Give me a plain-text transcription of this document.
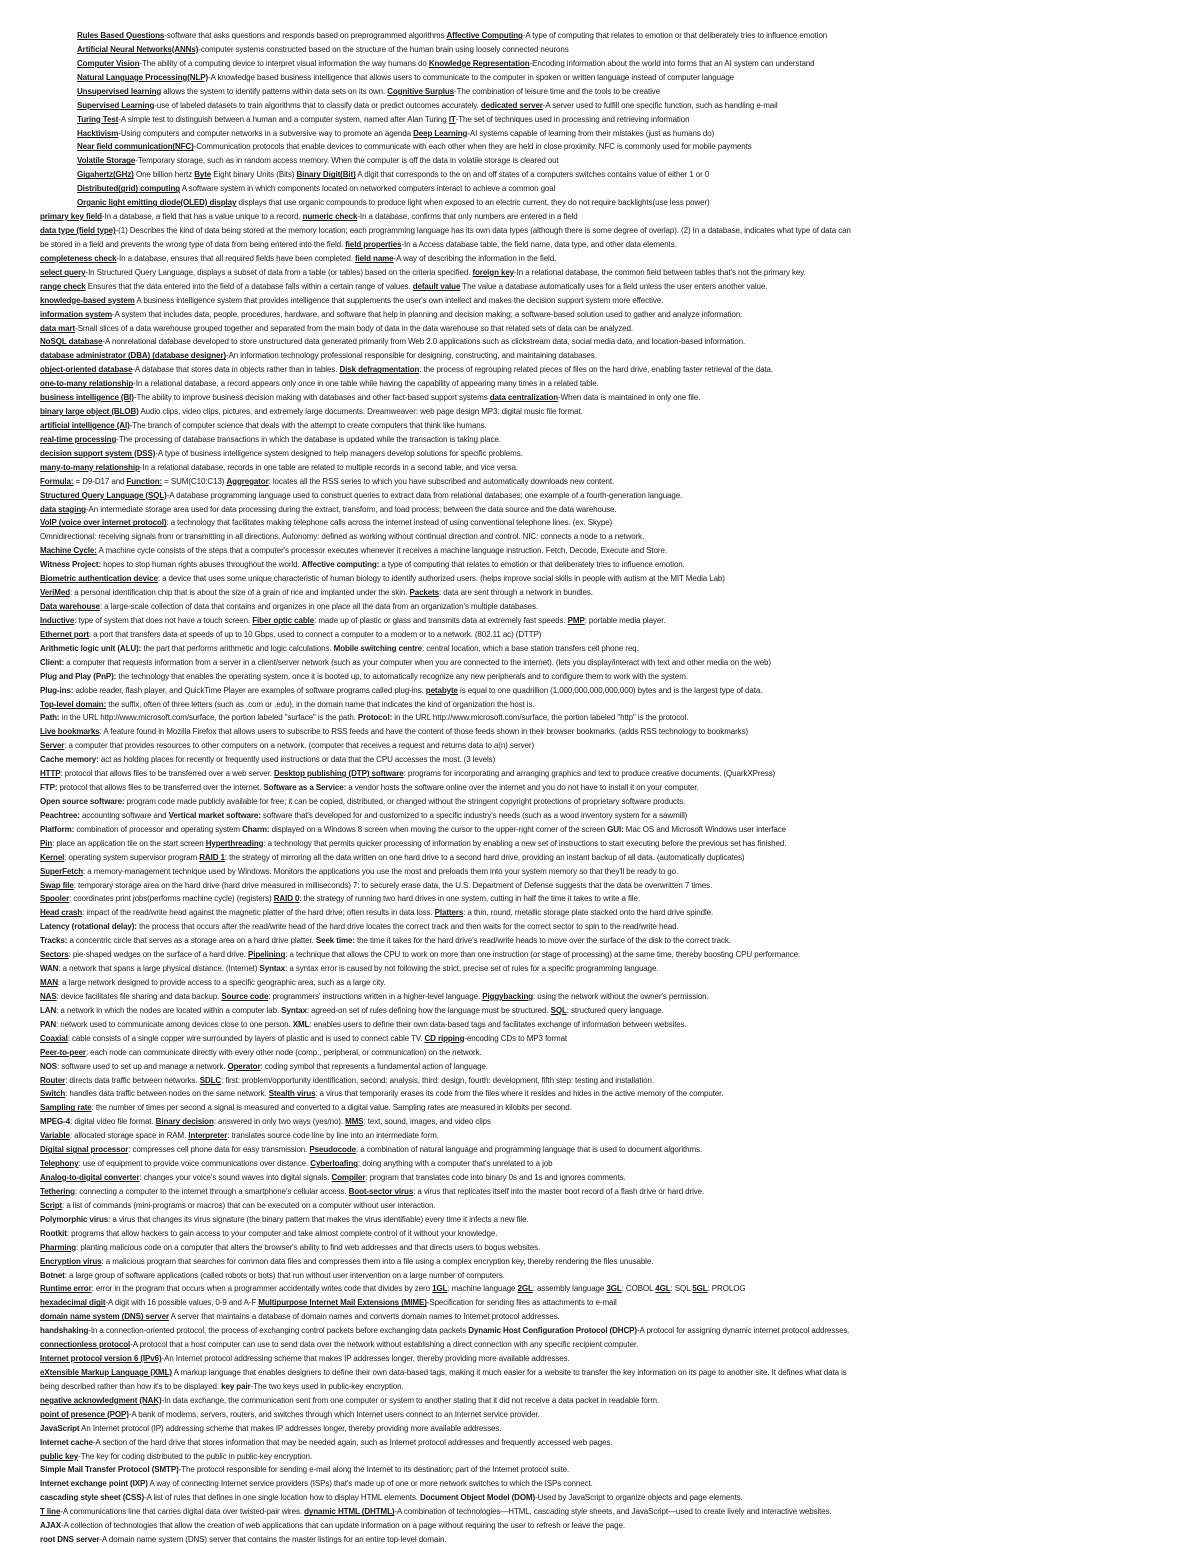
Rules Based Questions-software that asks questions and responds based on preprogrammed algorithms Affective Computing-A type of computing that relates to emotion or that deliberately tries to influence emotion
Artificial Neural Networks(ANNs)-computer systems constructed based on the structure of the human brain using loosely connected neurons
Computer Vision-The ability of a computing device to interpret visual information the way humans do Knowledge Representation-Encoding information about the world into forms that an AI system can understand
Natural Language Processing(NLP)-A knowledge based business intelligence that allows users to communicate to the computer in spoken or written language instead of computer language
Unsupervised learning allows the system to identify patterns within data sets on its own. Cognitive Surplus-The combination of leisure time and the tools to be creative
Supervised Learning-use of labeled datasets to train algorithms that to classify data or predict outcomes accurately. dedicated server-A server used to fulfill one specific function, such as handling e-mail
Turing Test-A simple test to distinguish between a human and a computer system, named after Alan Turing IT-The set of techniques used in processing and retrieving information
Hacktivism-Using computers and computer networks in a subversive way to promote an agenda Deep Learning-AI systems capable of learning from their mistakes (just as humans do)
Near field communication(NFC)-Communication protocols that enable devices to communicate with each other when they are held in close proximity. NFC is commonly used for mobile payments
Volatile Storage-Temporary storage, such as in random access memory. When the computer is off the data in volatile storage is cleared out
Gigahertz(GHz) One billion hertz Byte Eight binary Units (Bits) Binary Digit(Bit) A digit that corresponds to the on and off states of a computers switches contains value of either 1 or 0
Distributed(grid) computing A software system in which components located on networked computers interact to achieve a common goal
Organic light emitting diode(OLED) display displays that use organic compounds to produce light when exposed to an electric current, they do not require backlights(use less power)
primary key field-In a database, a field that has a value unique to a record. numeric check-In a database, confirms that only numbers are entered in a field
data type (field type)-(1) Describes the kind of data being stored at the memory location; each programming language has its own data types (although there is some degree of overlap). (2) In a database, indicates what type of data can
be stored in a field and prevents the wrong type of data from being entered into the field. field properties-In a Access database table, the field name, data type, and other data elements.
completeness check-In a database, ensures that all required fields have been completed. field name-A way of describing the information in the field.
select query-In Structured Query Language, displays a subset of data from a table (or tables) based on the criteria specified. foreign key-In a relational database, the common field between tables that's not the primary key.
range check Ensures that the data entered into the field of a database falls within a certain range of values. default value The value a database automatically uses for a field unless the user enters another value.
knowledge-based system A business intelligence system that provides intelligence that supplements the user's own intellect and makes the decision support system more effective.
information system-A system that includes data, people, procedures, hardware, and software that help in planning and decision making; a software-based solution used to gather and analyze information.
data mart-Small slices of a data warehouse grouped together and separated from the main body of data in the data warehouse so that related sets of data can be analyzed.
NoSQL database-A nonrelational database developed to store unstructured data generated primarily from Web 2.0 applications such as clickstream data, social media data, and location-based information.
database administrator (DBA) (database designer)-An information technology professional responsible for designing, constructing, and maintaining databases.
object-oriented database-A database that stores data in objects rather than in tables. Disk defragmentation: the process of regrouping related pieces of files on the hard drive, enabling faster retrieval of the data.
one-to-many relationship-In a relational database, a record appears only once in one table while having the capability of appearing many times in a related table.
business intelligence (BI)-The ability to improve business decision making with databases and other fact-based support systems data centralization-When data is maintained in only one file.
binary large object (BLOB) Audio clips, video clips, pictures, and extremely large documents. Dreamweaver: web page design MP3: digital music file format.
artificial intelligence (AI)-The branch of computer science that deals with the attempt to create computers that think like humans.
real-time processing-The processing of database transactions in which the database is updated while the transaction is taking place.
decision support system (DSS)-A type of business intelligence system designed to help managers develop solutions for specific problems.
many-to-many relationship-In a relational database, records in one table are related to multiple records in a second table, and vice versa.
Formula: = D9-D17 and Function: = SUM(C10:C13) Aggregator: locates all the RSS series to which you have subscribed and automatically downloads new content.
Structured Query Language (SQL)-A database programming language used to construct queries to extract data from relational databases; one example of a fourth-generation language.
data staging-An intermediate storage area used for data processing during the extract, transform, and load process; between the data source and the data warehouse.
VoIP (voice over internet protocol): a technology that facilitates making telephone calls across the internet instead of using conventional telephone lines. (ex. Skype)
Omnidirectional: receiving signals from or transmitting in all directions. Autonomy: defined as working without continual direction and control. NIC: connects a node to a network.
Machine Cycle: A machine cycle consists of the steps that a computer's processor executes whenever it receives a machine language instruction. Fetch, Decode, Execute and Store.
Witness Project: hopes to stop human rights abuses throughout the world. Affective computing: a type of computing that relates to emotion or that deliberately tries to influence emotion.
Biometric authentication device: a device that uses some unique characteristic of human biology to identify authorized users. (helps improve social skills in people with autism at the MIT Media Lab)
VeriMed: a personal identification chip that is about the size of a grain of rice and implanted under the skin. Packets: data are sent through a network in bundles.
Data warehouse: a large-scale collection of data that contains and organizes in one place all the data from an organization's multiple databases.
Inductive: type of system that does not have a touch screen. Fiber optic cable: made up of plastic or glass and transmits data at extremely fast speeds. PMP: portable media player.
Ethernet port: a port that transfers data at speeds of up to 10 Gbps, used to connect a computer to a modem or to a network. (802.11 ac) (DTTP)
Arithmetic logic unit (ALU): the part that performs arithmetic and logic calculations. Mobile switching centre: central location, which a base station transfers cell phone req.
Client: a computer that requests information from a server in a client/server network (such as your computer when you are connected to the internet). (lets you display/interact with text and other media on the web)
Plug and Play (PnP): the technology that enables the operating system, once it is booted up, to automatically recognize any new peripherals and to configure them to work with the system.
Plug-ins: adobe reader, flash player, and QuickTime Player are examples of software programs called plug-ins. petabyte is equal to one quadrillion (1,000,000,000,000,000) bytes and is the largest type of data.
Top-level domain: the suffix, often of three letters (such as .com or .edu), in the domain name that indicates the kind of organization the host is.
Path: in the URL http://www.microsoft.com/surface, the portion labeled "surface" is the path. Protocol: in the URL http://www.microsoft.com/surface, the portion labeled "http" is the protocol.
Live bookmarks: A feature found in Mozilla Firefox that allows users to subscribe to RSS feeds and have the content of those feeds shown in their browser bookmarks. (adds RSS technology to bookmarks)
Server: a computer that provides resources to other computers on a network. (computer that receives a request and returns data to a(n) server)
Cache memory: act as holding places for recently or frequently used instructions or data that the CPU accesses the most. (3 levels)
HTTP: protocol that allows files to be transferred over a web server. Desktop publishing (DTP) software: programs for incorporating and arranging graphics and text to produce creative documents. (QuarkXPress)
FTP: protocol that allows files to be transferred over the internet. Software as a Service: a vendor hosts the software online over the internet and you do not have to install it on your computer.
Open source software: program code made publicly available for free; it can be copied, distributed, or changed without the stringent copyright protections of proprietary software products.
Peachtree: accounting software and Vertical market software: software that's developed for and customized to a specific industry's needs (such as a wood inventory system for a sawmill)
Platform: combination of processor and operating system Charm: displayed on a Windows 8 screen when moving the cursor to the upper-right corner of the screen GUI: Mac OS and Microsoft Windows user interface
Pin: place an application tile on the start screen Hyperthreading: a technology that permits quicker processing of information by enabling a new set of instructions to start executing before the previous set has finished.
Kernel: operating system supervisor program RAID 1: the strategy of mirroring all the data written on one hard drive to a second hard drive, providing an instant backup of all data. (automatically duplicates)
SuperFetch: a memory-management technique used by Windows. Monitors the applications you use the most and preloads them into your system memory so that they'll be ready to go.
Swap file: temporary storage area on the hard drive (hard drive measured in milliseconds) 7: to securely erase data, the U.S. Department of Defense suggests that the data be overwritten 7 times.
Spooler: coordinates print jobs(performs machine cycle) (registers) RAID 0: the strategy of running two hard drives in one system, cutting in half the time it takes to write a file.
Head crash: impact of the read/write head against the magnetic platter of the hard drive; often results in data loss. Platters: a thin, round, metallic storage plate stacked onto the hard drive spindle.
Latency (rotational delay): the process that occurs after the read/write head of the hard drive locates the correct track and then waits for the correct sector to spin to the read/write head.
Tracks: a concentric circle that serves as a storage area on a hard drive platter. Seek time: the time it takes for the hard drive's read/write heads to move over the surface of the disk to the correct track.
Sectors: pie-shaped wedges on the surface of a hard drive. Pipelining: a technique that allows the CPU to work on more than one instruction (or stage of processing) at the same time, thereby boosting CPU performance.
WAN: a network that spans a large physical distance. (Internet) Syntax: a syntax error is caused by not following the strict, precise set of rules for a specific programming language.
MAN: a large network designed to provide access to a specific geographic area, such as a large city.
NAS: device facilitates file sharing and data backup. Source code: programmers' instructions written in a higher-level language. Piggybacking: using the network without the owner's permission.
LAN: a network in which the nodes are located within a computer lab. Syntax: agreed-on set of rules defining how the language must be structured. SQL: structured query language.
PAN: network used to communicate among devices close to one person. XML: enables users to define their own data-based tags and facilitates exchange of information between websites.
Coaxial: cable consists of a single copper wire surrounded by layers of plastic and is used to connect cable TV. CD ripping-encoding CDs to MP3 format
Peer-to-peer: each node can communicate directly with every other node (comp., peripheral, or communication) on the network.
NOS: software used to set up and manage a network. Operator: coding symbol that represents a fundamental action of language.
Router: directs data traffic between networks. SDLC: first: problem/opportunity identification, second: analysis, third: design, fourth: development, fifth step: testing and installation.
Switch: handles data traffic between nodes on the same network. Stealth virus: a virus that temporarily erases its code from the files where it resides and hides in the active memory of the computer.
Sampling rate: the number of times per second a signal is measured and converted to a digital value. Sampling rates are measured in kilobits per second.
MPEG-4: digital video file format. Binary decision: answered in only two ways (yes/no). MMS: text, sound, images, and video clips
Variable: allocated storage space in RAM. Interpreter: translates source code line by line into an intermediate form.
Digital signal processor: compresses cell phone data for easy transmission. Pseudocode: a combination of natural language and programming language that is used to document algorithms.
Telephony: use of equipment to provide voice communications over distance. Cyberloafing: doing anything with a computer that's unrelated to a job
Analog-to-digital converter: changes your voice's sound waves into digital signals. Compiler: program that translates code into binary 0s and 1s and ignores comments.
Tethering: connecting a computer to the internet through a smartphone's cellular access. Boot-sector virus: a virus that replicates itself into the master boot record of a flash drive or hard drive.
Script: a list of commands (mini-programs or macros) that can be executed on a computer without user interaction.
Polymorphic virus: a virus that changes its virus signature (the binary pattern that makes the virus identifiable) every time it infects a new file.
Rootkit: programs that allow hackers to gain access to your computer and take almost complete control of it without your knowledge.
Pharming: planting malicious code on a computer that alters the browser's ability to find web addresses and that directs users to bogus websites.
Encryption virus: a malicious program that searches for common data files and compresses them into a file using a complex encryption key, thereby rendering the files unusable.
Botnet: a large group of software applications (called robots or bots) that run without user intervention on a large number of computers.
Runtime error: error in the program that occurs when a programmer accidentally writes code that divides by zero 1GL: machine language 2GL: assembly language 3GL: COBOL 4GL: SQL 5GL: PROLOG
hexadecimal digit-A digit with 16 possible values, 0-9 and A-F Multipurpose Internet Mail Extensions (MIME)-Specification for sending files as attachments to e-mail
domain name system (DNS) server A server that maintains a database of domain names and converts domain names to Internet protocol addresses.
handshaking-In a connection-oriented protocol, the process of exchanging control packets before exchanging data packets Dynamic Host Configuration Protocol (DHCP)-A protocol for assigning dynamic internet protocol addresses.
connectionless protocol-A protocol that a host computer can use to send data over the network without establishing a direct connection with any specific recipient computer.
Internet protocol version 6 (IPv6)-An Internet protocol addressing scheme that makes IP addresses longer, thereby providing more available addresses.
eXtensible Markup Language (XML) A markup language that enables designers to define their own data-based tags, making it much easier for a website to transfer the key information on its page to another site. It defines what data is
being described rather than how it's to be displayed. key pair-The two keys used in public-key encryption.
negative acknowledgment (NAK)-In data exchange, the communication sent from one computer or system to another stating that it did not receive a data packet in readable form.
point of presence (POP)-A bank of modems, servers, routers, and switches through which Internet users connect to an Internet service provider.
JavaScript An Internet protocol (IP) addressing scheme that makes IP addresses longer, thereby providing more available addresses.
Internet cache-A section of the hard drive that stores information that may be needed again, such as Internet protocol addresses and frequently accessed web pages.
public key-The key for coding distributed to the public in public-key encryption.
Simple Mail Transfer Protocol (SMTP)-The protocol responsible for sending e-mail along the Internet to its destination; part of the Internet protocol suite.
Internet exchange point (IXP) A way of connecting Internet service providers (ISPs) that's made up of one or more network switches to which the ISPs connect.
cascading style sheet (CSS)-A list of rules that defines in one single location how to display HTML elements. Document Object Model (DOM)-Used by JavaScript to organize objects and page elements.
T line-A communications line that carries digital data over twisted-pair wires. dynamic HTML (DHTML)-A combination of technologies—HTML, cascading style sheets, and JavaScript—used to create lively and interactive websites.
AJAX-A collection of technologies that allow the creation of web applications that can update information on a page without requiring the user to refresh or leave the page.
root DNS server-A domain name system (DNS) server that contains the master listings for an entire top-level domain.
